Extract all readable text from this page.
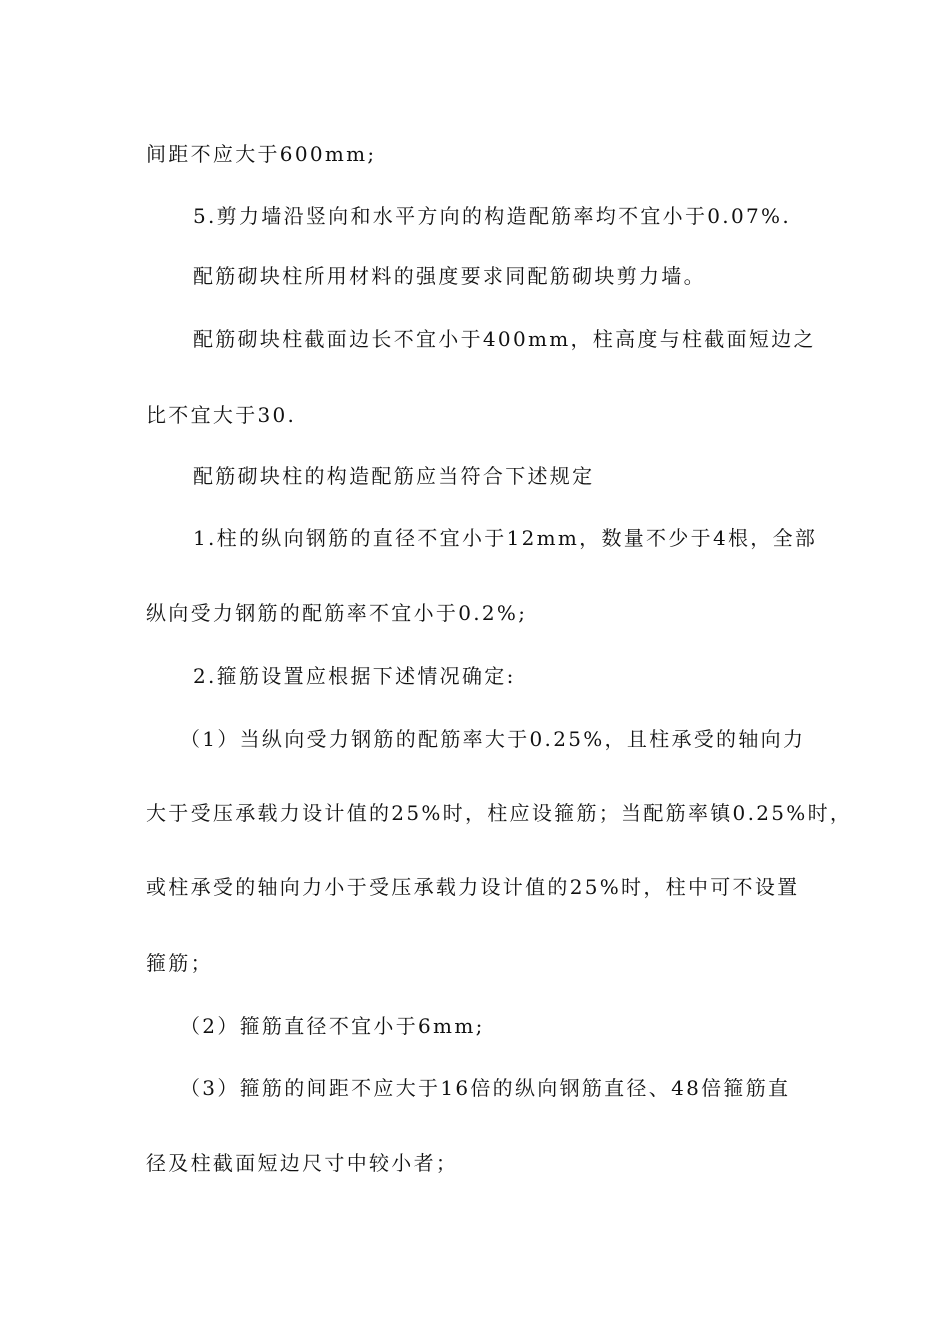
间距不应大于600mm;
5.剪力墙沿竖向和水平方向的构造配筋率均不宜小于0.07%.
配筋砌块柱所用材料的强度要求同配筋砌块剪力墙。
配筋砌块柱截面边长不宜小于400mm，柱高度与柱截面短边之
比不宜大于30.
配筋砌块柱的构造配筋应当符合下述规定
1.柱的纵向钢筋的直径不宜小于12mm，数量不少于4根，全部
纵向受力钢筋的配筋率不宜小于0.2%;
2.箍筋设置应根据下述情况确定:
（1）当纵向受力钢筋的配筋率大于0.25%，且柱承受的轴向力
大于受压承载力设计值的25%时，柱应设箍筋；当配筋率镇0.25%时，
或柱承受的轴向力小于受压承载力设计值的25%时，柱中可不设置
箍筋；
（2）箍筋直径不宜小于6mm;
（3）箍筋的间距不应大于16倍的纵向钢筋直径、48倍箍筋直
径及柱截面短边尺寸中较小者；
